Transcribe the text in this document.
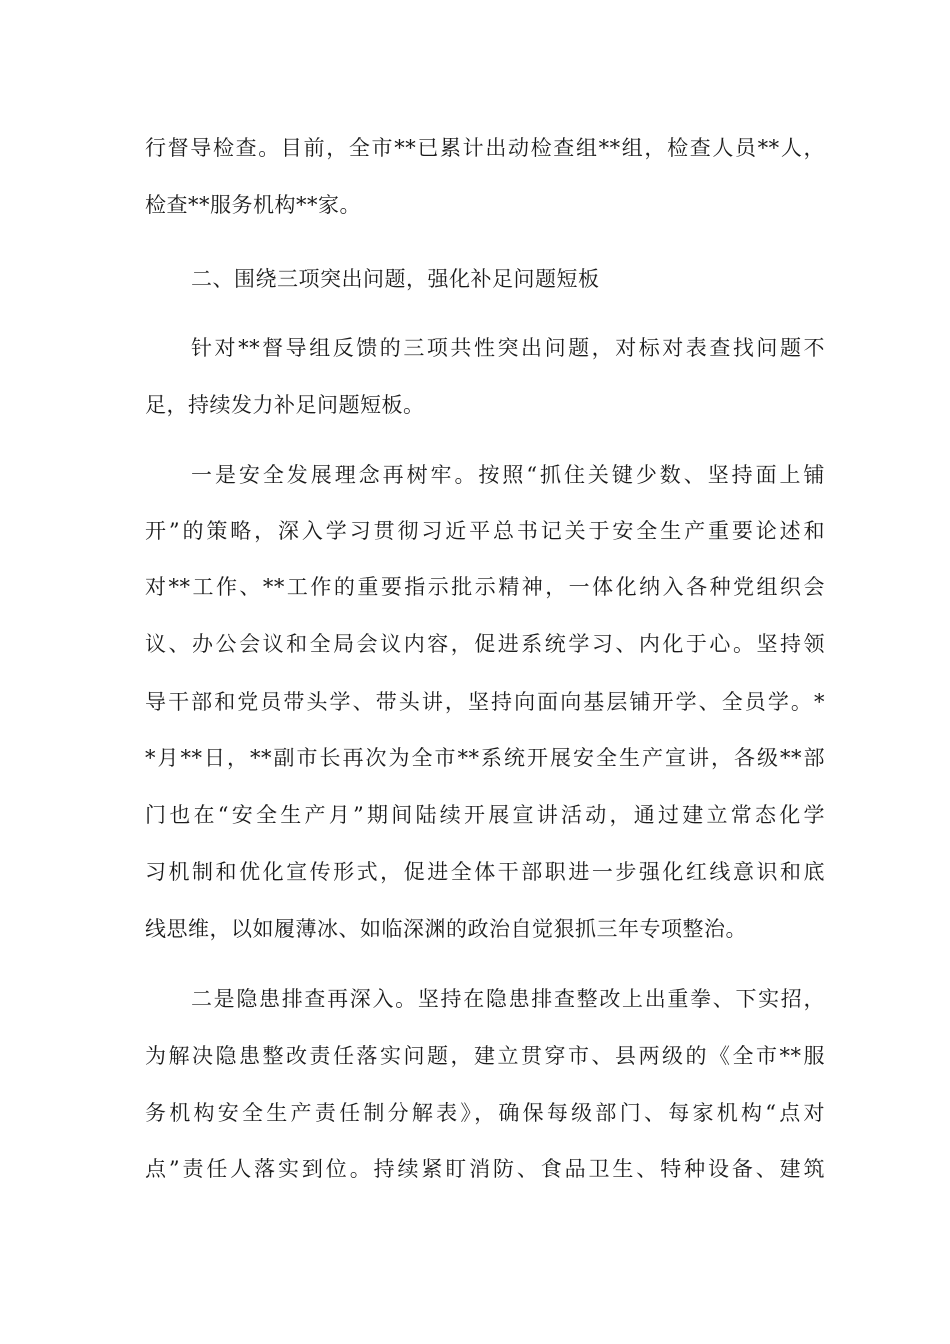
行督导检查。目前，全市**已累计出动检查组**组，检查人员**人，
检查**服务机构**家。
二、围绕三项突出问题，强化补足问题短板
针对**督导组反馈的三项共性突出问题，对标对表查找问题不
足，持续发力补足问题短板。
一是安全发展理念再树牢。按照“抓住关键少数、坚持面上铺
开”的策略，深入学习贯彻习近平总书记关于安全生产重要论述和
对**工作、**工作的重要指示批示精神，一体化纳入各种党组织会
议、办公会议和全局会议内容，促进系统学习、内化于心。坚持领
导干部和党员带头学、带头讲，坚持向面向基层铺开学、全员学。*
*月**日，**副市长再次为全市**系统开展安全生产宣讲，各级**部
门也在“安全生产月”期间陆续开展宣讲活动，通过建立常态化学
习机制和优化宣传形式，促进全体干部职进一步强化红线意识和底
线思维，以如履薄冰、如临深渊的政治自觉狠抓三年专项整治。
二是隐患排查再深入。坚持在隐患排查整改上出重拳、下实招，
为解决隐患整改责任落实问题，建立贯穿市、县两级的《全市**服
务机构安全生产责任制分解表》，确保每级部门、每家机构“点对
点”责任人落实到位。持续紧盯消防、食品卫生、特种设备、建筑
